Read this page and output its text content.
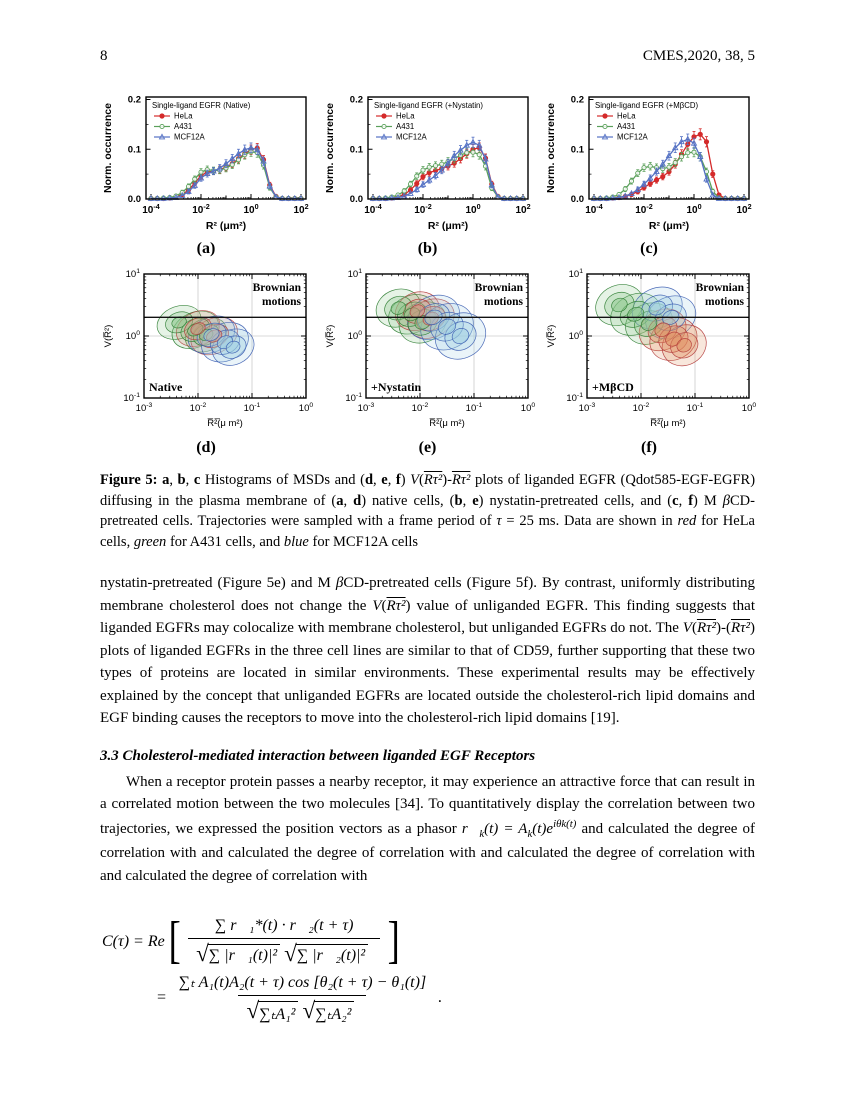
8	CMES,2020, 38, 5
$10^{-4}$	$10^{-2}$	$10^0$	$10^2$
0.0
0.1
0.2 Single-ligand EGFR (Native)
HeLa
A431
MCF12A
Norm. occurrence
R² (μm²)
(a)
$10^{-4}$	$10^{-2}$	$10^0$	$10^2$
0.0
0.1
0.2 Single-ligand EGFR (+Nystatin)
HeLa
A431
MCF12A
Norm. occurrence
R² (μm²)
(b)
$10^{-4}$	$10^{-2}$	$10^0$	$10^2$
0.0
0.1
0.2 Single-ligand EGFR (+MβCD)
HeLa
A431
MCF12A
Norm. occurrence
R² (μm²)
(c)
$10^{-3}$	$10^{-2}$	$10^{-1}$	$10^0$
$10^{-1}$
$10^0$
$10^1$
Brownian
motions
Native
V(R̅²)
R̅²̅(μ m²)
(d)
$10^{-3}$	$10^{-2}$	$10^{-1}$	$10^0$
$10^{-1}$
$10^0$
$10^1$
Brownian
motions
+Nystatin
V(R̅²)
R̅²̅(μ m²)
(e)
$10^{-3}$	$10^{-2}$	$10^{-1}$	$10^0$
$10^{-1}$
$10^0$
$10^1$
Brownian
motions
+MβCD
V(R̅²)
R̅²̅(μ m²)
(f)

Figure 5: a, b, c Histograms of MSDs and (d, e, f) V(Rτ²)-Rτ² plots of liganded EGFR (Qdot585-EGF-EGFR) diffusing in the plasma membrane of (a, d) native cells, (b, e) nystatin-pretreated cells, and (c, f) M βCD-pretreated cells. Trajectories were sampled with a frame period of τ = 25 ms. Data are shown in red for HeLa cells, green for A431 cells, and blue for MCF12A cells

nystatin-pretreated (Figure 5e) and M βCD-pretreated cells (Figure 5f). By contrast, uniformly distributing membrane cholesterol does not change the V(Rτ²) value of unliganded EGFR. This finding suggests that liganded EGFRs may colocalize with membrane cholesterol, but unliganded EGFRs do not. The V(Rτ²)-(Rτ²) plots of liganded EGFRs in the three cell lines are similar to that of CD59, further supporting that these two types of proteins are located in similar environments. These experimental results may be effectively explained by the concept that unliganded EGFRs are located outside the cholesterol-rich lipid domains and EGF binding causes the receptors to move into the cholesterol-rich lipid domains [19].

3.3 Cholesterol-mediated interaction between liganded EGF Receptors

When a receptor protein passes a nearby receptor, it may experience an attractive force that can result in a correlated motion between the two molecules [34]. To quantitatively display the correlation between two trajectories, we expressed the position vectors as a phasor $r⃗_k(t) = A_k(t)e^{i\theta k(t)}$ and calculated the degree of correlation with and calculated the degree of correlation with and calculated the degree of correlation with and calculated the degree of correlation with

C(τ) = Re [ $\frac{\text{∑ r⃗₁*(t) · r⃗₂(t + τ)}}{\text{√ ∑ |r⃗₁(t)|² √ ∑ |r⃗₂(t)|²}}$ ]
= $\frac{\text{∑ₜ A₁(t)A₂(t + τ) cos [θ₂(t + τ) − θ₁(t)]}}{\text{√ ∑ₜA₁² √ ∑ₜA₂²}}$ .
